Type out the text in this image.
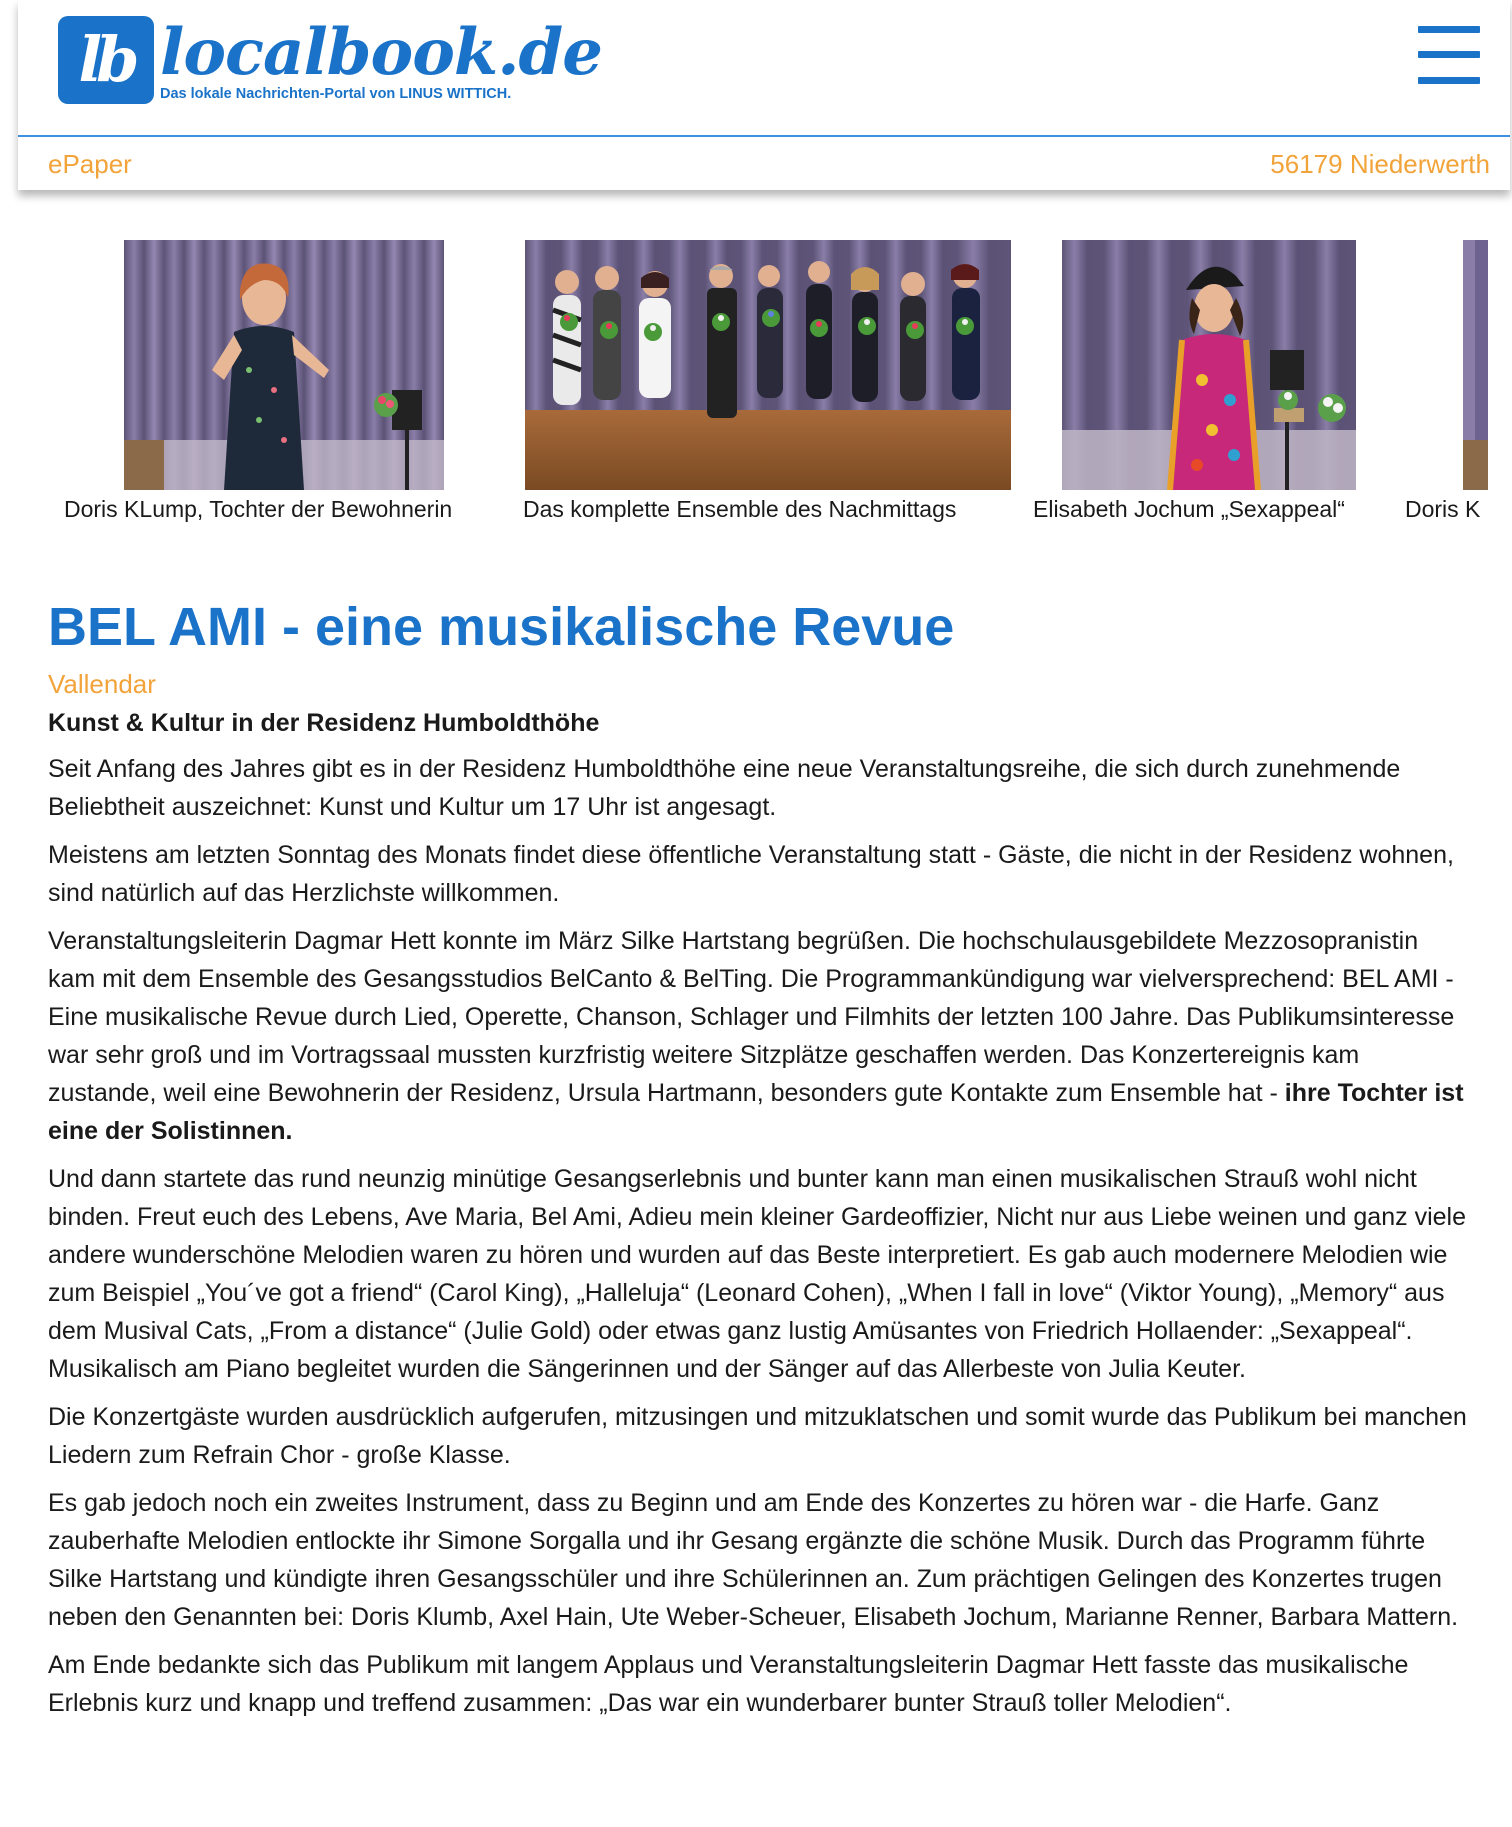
lb localbook.de
Das lokale Nachrichten-Portal von LINUS WITTICH.
ePaper	56179 Niederwerth
Doris KLump, Tochter der Bewohnerin	Das komplette Ensemble des Nachmittags	Elisabeth Jochum „Sexappeal“	Doris K
BEL AMI - eine musikalische Revue
Vallendar
Kunst & Kultur in der Residenz Humboldthöhe

Seit Anfang des Jahres gibt es in der Residenz Humboldthöhe eine neue Veranstaltungsreihe, die sich durch zunehmende Beliebtheit auszeichnet: Kunst und Kultur um 17 Uhr ist angesagt.

Meistens am letzten Sonntag des Monats findet diese öffentliche Veranstaltung statt - Gäste, die nicht in der Residenz wohnen, sind natürlich auf das Herzlichste willkommen.

Veranstaltungsleiterin Dagmar Hett konnte im März Silke Hartstang begrüßen. Die hochschulausgebildete Mezzosopranistin kam mit dem Ensemble des Gesangsstudios BelCanto & BelTing. Die Programmankündigung war vielversprechend: BEL AMI - Eine musikalische Revue durch Lied, Operette, Chanson, Schlager und Filmhits der letzten 100 Jahre. Das Publikumsinteresse war sehr groß und im Vortragssaal mussten kurzfristig weitere Sitzplätze geschaffen werden. Das Konzertereignis kam zustande, weil eine Bewohnerin der Residenz, Ursula Hartmann, besonders gute Kontakte zum Ensemble hat - ihre Tochter ist eine der Solistinnen.

Und dann startete das rund neunzig minütige Gesangserlebnis und bunter kann man einen musikalischen Strauß wohl nicht binden. Freut euch des Lebens, Ave Maria, Bel Ami, Adieu mein kleiner Gardeoffizier, Nicht nur aus Liebe weinen und ganz viele andere wunderschöne Melodien waren zu hören und wurden auf das Beste interpretiert. Es gab auch modernere Melodien wie zum Beispiel „You´ve got a friend“ (Carol King), „Halleluja“ (Leonard Cohen), „When I fall in love“ (Viktor Young), „Memory“ aus dem Musival Cats, „From a distance“ (Julie Gold) oder etwas ganz lustig Amüsantes von Friedrich Hollaender: „Sexappeal“. Musikalisch am Piano begleitet wurden die Sängerinnen und der Sänger auf das Allerbeste von Julia Keuter.

Die Konzertgäste wurden ausdrücklich aufgerufen, mitzusingen und mitzuklatschen und somit wurde das Publikum bei manchen Liedern zum Refrain Chor - große Klasse.

Es gab jedoch noch ein zweites Instrument, dass zu Beginn und am Ende des Konzertes zu hören war - die Harfe. Ganz zauberhafte Melodien entlockte ihr Simone Sorgalla und ihr Gesang ergänzte die schöne Musik. Durch das Programm führte Silke Hartstang und kündigte ihren Gesangsschüler und ihre Schülerinnen an. Zum prächtigen Gelingen des Konzertes trugen neben den Genannten bei: Doris Klumb, Axel Hain, Ute Weber-Scheuer, Elisabeth Jochum, Marianne Renner, Barbara Mattern.

Am Ende bedankte sich das Publikum mit langem Applaus und Veranstaltungsleiterin Dagmar Hett fasste das musikalische Erlebnis kurz und knapp und treffend zusammen: „Das war ein wunderbarer bunter Strauß toller Melodien“.
